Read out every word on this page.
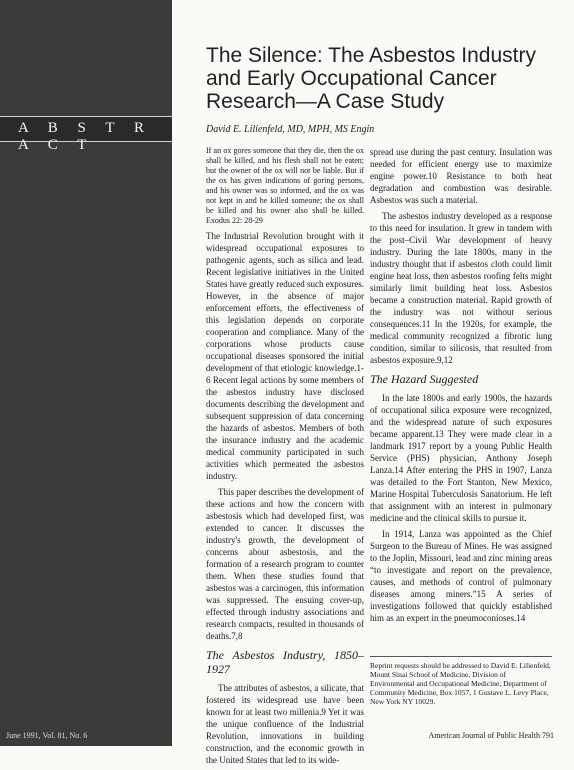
A B S T R A C T
June 1991, Vol. 81, No. 6
The Silence: The Asbestos Industry and Early Occupational Cancer Research—A Case Study
David E. Lilienfeld, MD, MPH, MS Engin

If an ox gores someone that they die, then the ox shall be killed, and his flesh shall not be eaten; but the owner of the ox will not be liable. But if the ox has given indications of goring persons, and his owner was so informed, and the ox was not kept in and he killed someone; the ox shall be killed and his owner also shall be killed. Exodus 22: 28-29

The Industrial Revolution brought with it widespread occupational exposures to pathogenic agents, such as silica and lead. Recent legislative initiatives in the United States have greatly reduced such exposures. However, in the absence of major enforcement efforts, the effectiveness of this legislation depends on corporate cooperation and compliance. Many of the corporations whose products cause occupational diseases sponsored the initial development of that etiologic knowledge.1-6 Recent legal actions by some members of the asbestos industry have disclosed documents describing the development and subsequent suppression of data concerning the hazards of asbestos. Members of both the insurance industry and the academic medical community participated in such activities which permeated the asbestos industry.

This paper describes the development of these actions and how the concern with asbestosis which had developed first, was extended to cancer. It discusses the industry's growth, the development of concerns about asbestosis, and the formation of a research program to counter them. When these studies found that asbestos was a carcinogen, this information was suppressed. The ensuing cover-up, effected through industry associations and research compacts, resulted in thousands of deaths.7,8

The Asbestos Industry, 1850–1927

The attributes of asbestos, a silicate, that fostered its widespread use have been known for at least two millenia.9 Yet it was the unique confluence of the Industrial Revolution, innovations in building construction, and the economic growth in the United States that led to its wide-

spread use during the past century. Insulation was needed for efficient energy use to maximize engine power.10 Resistance to both heat degradation and combustion was desirable. Asbestos was such a material.

The asbestos industry developed as a response to this need for insulation. It grew in tandem with the post–Civil War development of heavy industry. During the late 1800s, many in the industry thought that if asbestos cloth could limit engine heat loss, then asbestos roofing felts might similarly limit building heat loss. Asbestos became a construction material. Rapid growth of the industry was not without serious consequences.11 In the 1920s, for example, the medical community recognized a fibrotic lung condition, similar to silicosis, that resulted from asbestos exposure.9,12

The Hazard Suggested

In the late 1800s and early 1900s, the hazards of occupational silica exposure were recognized, and the widespread nature of such exposures became apparent.13 They were made clear in a landmark 1917 report by a young Public Health Service (PHS) physician, Anthony Joseph Lanza.14 After entering the PHS in 1907, Lanza was detailed to the Fort Stanton, New Mexico, Marine Hospital Tuberculosis Sanatorium. He left that assignment with an interest in pulmonary medicine and the clinical skills to pursue it.

In 1914, Lanza was appointed as the Chief Surgeon to the Bureau of Mines. He was assigned to the Joplin, Missouri, lead and zinc mining areas “to investigate and report on the prevalence, causes, and methods of control of pulmonary diseases among miners.”15 A series of investigations followed that quickly established him as an expert in the pneumoconioses.14

Reprint requests should be addressed to David E. Lilienfeld, Mount Sinai School of Medicine, Division of Environmental and Occupational Medicine, Department of Community Medicine, Box 1057, 1 Gustave L. Levy Place, New York NY 10029.
American Journal of Public Health 791
